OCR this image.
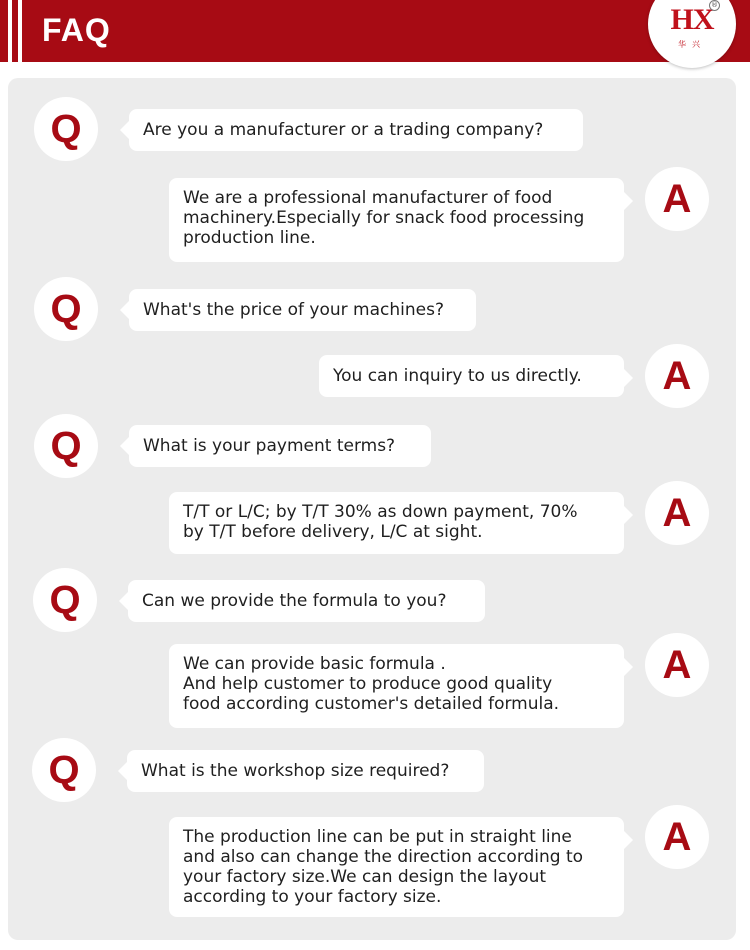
FAQ	HX
华兴
®
Q	Are you a manufacturer or a trading company?
We are a professional manufacturer of food
machinery.Especially for snack food processing
production line.
A
Q	What's the price of your machines?
You can inquiry to us directly.	A
Q	What is your payment terms?
T/T or L/C; by T/T 30% as down payment, 70%
by T/T before delivery, L/C at sight.	A
Q	Can we provide the formula to you?
We can provide basic formula .
And help customer to produce good quality
food according customer's detailed formula.
A
Q	What is the workshop size required?
The production line can be put in straight line
and also can change the direction according to
your factory size.We can design the layout
according to your factory size.
A
